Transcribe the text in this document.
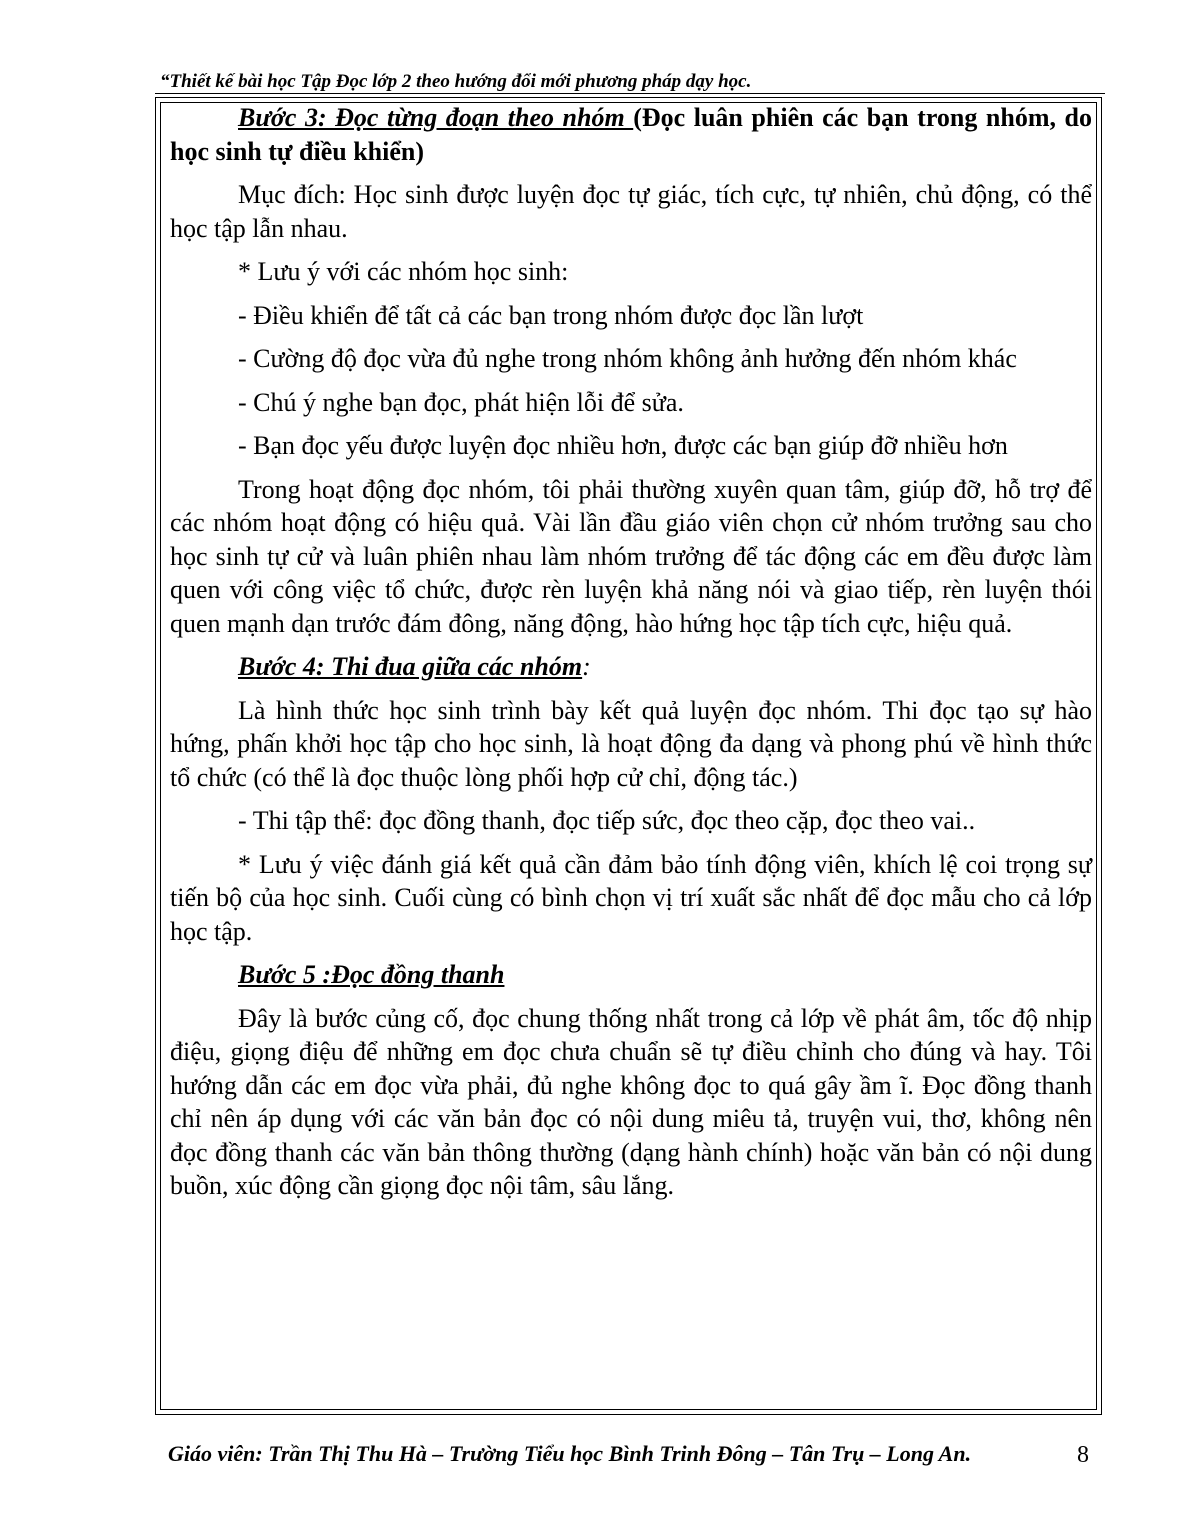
“Thiết kế bài học Tập Đọc lớp 2 theo hướng đổi mới phương pháp dạy học.

Bước 3: Đọc từng đoạn theo nhóm (Đọc luân phiên các bạn trong nhóm, do học sinh tự điều khiển)

Mục đích: Học sinh được luyện đọc tự giác, tích cực, tự nhiên, chủ động, có thể học tập lẫn nhau.

* Lưu ý với các nhóm học sinh:

- Điều khiển để tất cả các bạn trong nhóm được đọc lần lượt

- Cường độ đọc vừa đủ nghe trong nhóm không ảnh hưởng đến nhóm khác

- Chú ý nghe bạn đọc, phát hiện lỗi để sửa.

- Bạn đọc yếu được luyện đọc nhiều hơn, được các bạn giúp đỡ nhiều hơn

Trong hoạt động đọc nhóm, tôi phải thường xuyên quan tâm, giúp đỡ, hỗ trợ để các nhóm hoạt động có hiệu quả. Vài lần đầu giáo viên chọn cử nhóm trưởng sau cho học sinh tự cử và luân phiên nhau làm nhóm trưởng để tác động các em đều được làm quen với công việc tổ chức, được rèn luyện khả năng nói và giao tiếp, rèn luyện thói quen mạnh dạn trước đám đông, năng động, hào hứng học tập tích cực, hiệu quả.

Bước 4: Thi đua giữa các nhóm:

Là hình thức học sinh trình bày kết quả luyện đọc nhóm. Thi đọc tạo sự hào hứng, phấn khởi học tập cho học sinh, là hoạt động đa dạng và phong phú về hình thức tổ chức (có thể là đọc thuộc lòng phối hợp cử chỉ, động tác.)

- Thi tập thể: đọc đồng thanh, đọc tiếp sức, đọc theo cặp, đọc theo vai..

* Lưu ý việc đánh giá kết quả cần đảm bảo tính động viên, khích lệ coi trọng sự tiến bộ của học sinh. Cuối cùng có bình chọn vị trí xuất sắc nhất để đọc mẫu cho cả lớp học tập.

Bước 5 :Đọc đồng thanh

Đây là bước củng cố, đọc chung thống nhất trong cả lớp về phát âm, tốc độ nhịp điệu, giọng điệu để những em đọc chưa chuẩn sẽ tự điều chỉnh cho đúng và hay. Tôi hướng dẫn các em đọc vừa phải, đủ nghe không đọc to quá gây ầm ĩ. Đọc đồng thanh chỉ nên áp dụng với các văn bản đọc có nội dung miêu tả, truyện vui, thơ, không nên đọc đồng thanh các văn bản thông thường (dạng hành chính) hoặc văn bản có nội dung buồn, xúc động cần giọng đọc nội tâm, sâu lắng.

Giáo viên: Trần Thị Thu Hà – Trường Tiểu học Bình Trinh Đông – Tân Trụ – Long An.	8
